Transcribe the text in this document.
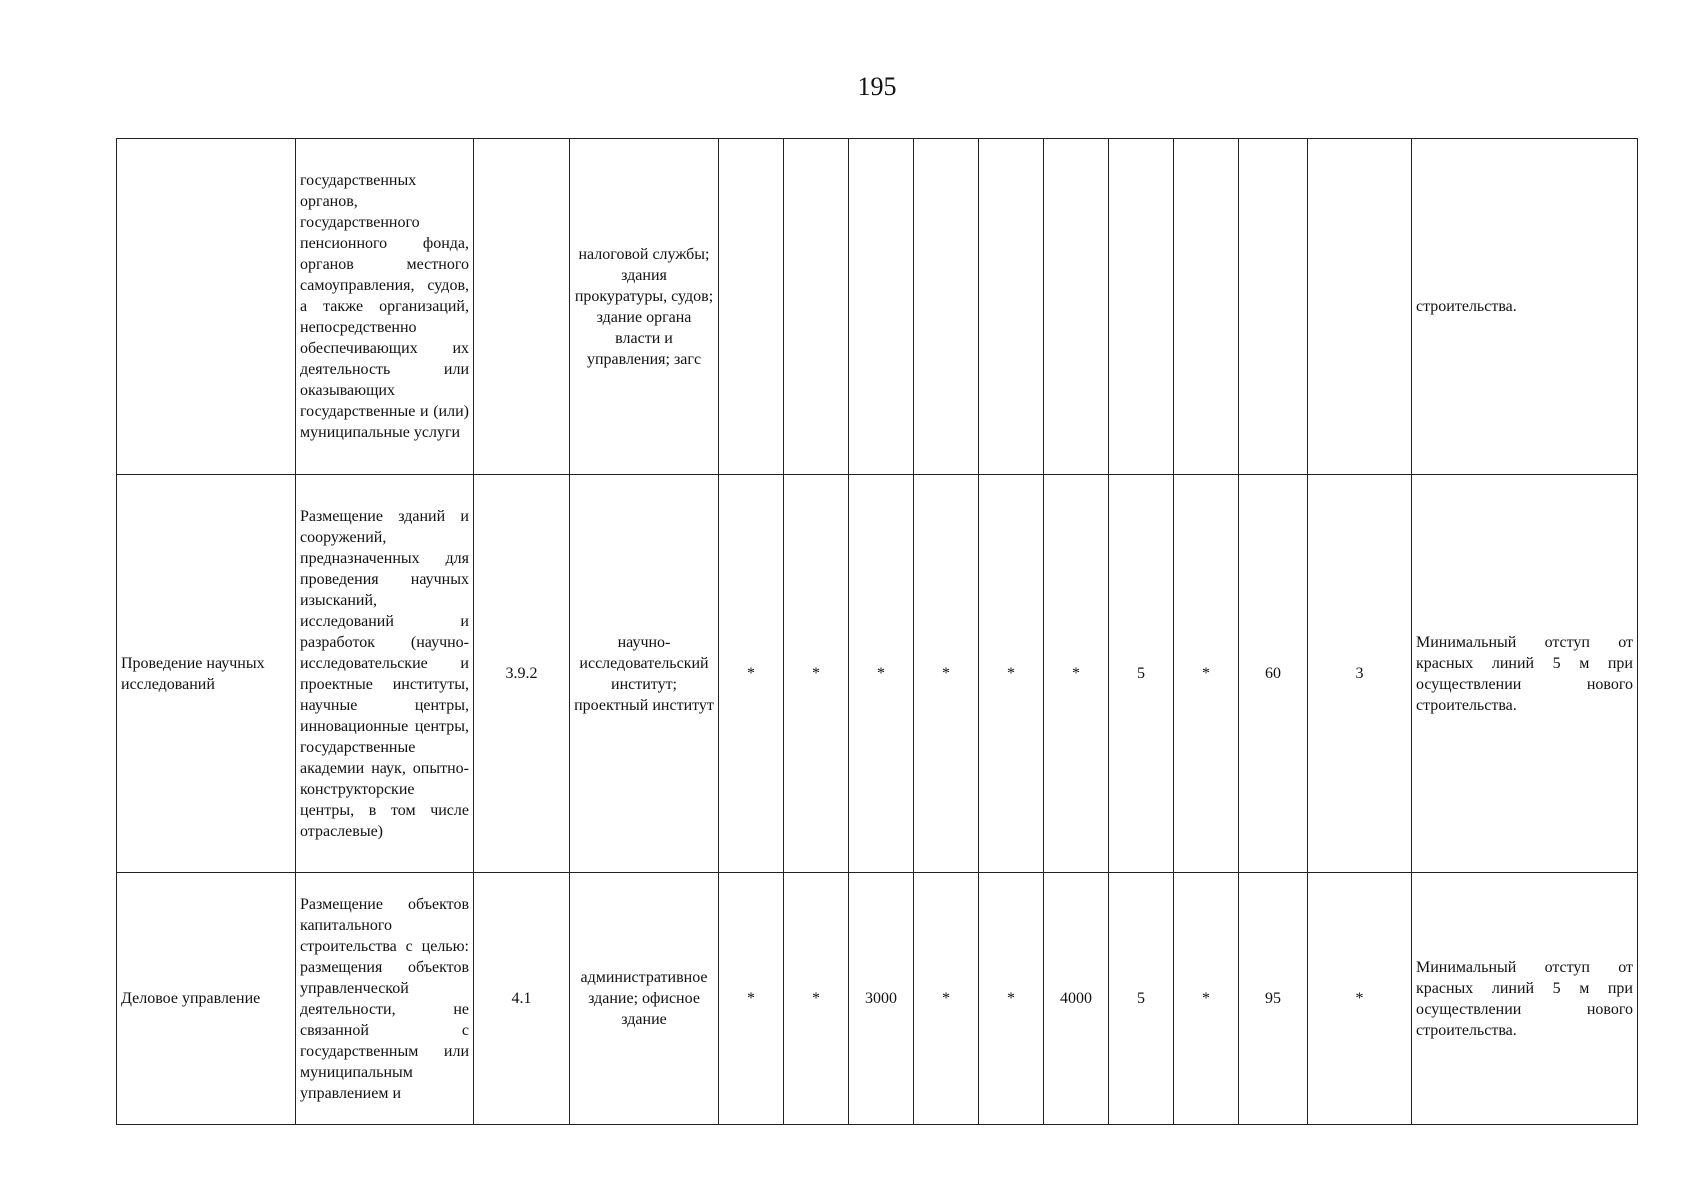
195
	государственных органов, государственного пенсионного фонда, органов местного самоуправления, судов, а также организаций, непосредственно обеспечивающих их деятельность или оказывающих государственные и (или) муниципальные услуги		налоговой службы; здания прокуратуры, судов; здание органа власти и управления; загс											строительства.
Проведение научных исследований	Размещение зданий и сооружений, предназначенных для проведения научных изысканий, исследований и разработок (научно-исследовательские и проектные институты, научные центры, инновационные центры, государственные академии наук, опытно-конструкторские центры, в том числе отраслевые)	3.9.2	научно-исследовательский институт; проектный институт	*	*	*	*	*	*	5	*	60	3	Минимальный отступ от красных линий 5 м при осуществлении нового строительства.
Деловое управление	Размещение объектов капитального строительства с целью: размещения объектов управленческой деятельности, не связанной с государственным или муниципальным управлением и	4.1	административное здание; офисное здание	*	*	3000	*	*	4000	5	*	95	*	Минимальный отступ от красных линий 5 м при осуществлении нового строительства.
